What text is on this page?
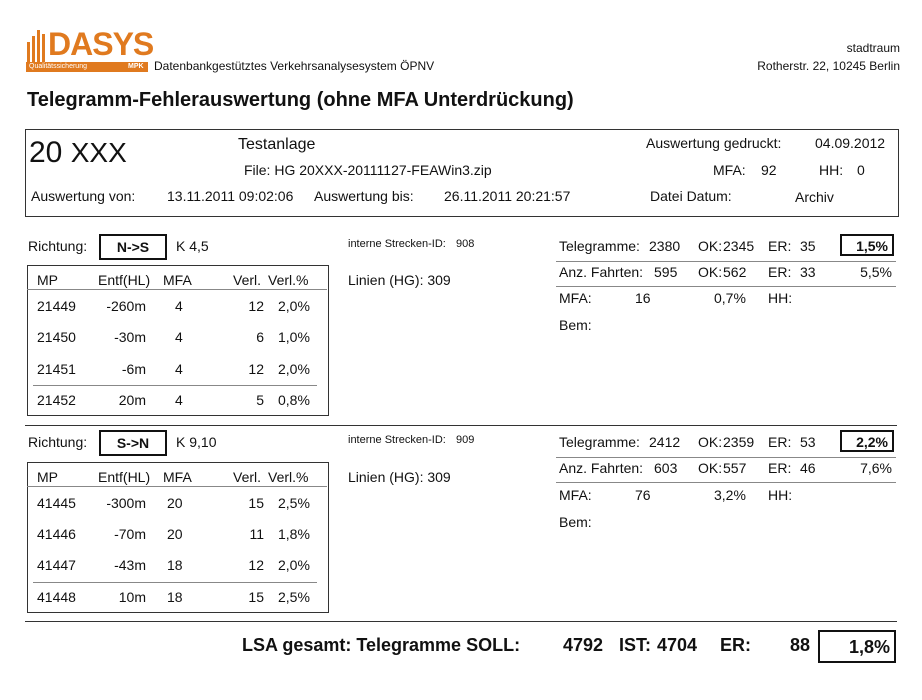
DASYS
Qualitätssicherung	MPK Datenbankgestütztes Verkehrsanalysesystem ÖPNV
stadtraum
Rotherstr. 22, 10245 Berlin
Telegramm-Fehlerauswertung (ohne MFA Unterdrückung)
20 XXX	Testanlage	Auswertung gedruckt: 04.09.2012
File: HG 20XXX-20111127-FEAWin3.zip	MFA: 92	HH: 0
Auswertung von: 13.11.2011 09:02:06 Auswertung bis: 26.11.2011 20:21:57	Datei Datum:	Archiv
Richtung:	N->S	K 4,5	interne Strecken-ID: 908
Linien (HG): 309
MP	Entf(HL) MFA	Verl. Verl.%
21449	-260m 4	12 2,0%
21450	-30m 4	6 1,0%
21451	-6m 4	12 2,0%
21452	20m 4	5 0,8%
Telegramme: 2380 OK: 2345 ER: 35	1,5%
Anz. Fahrten: 595 OK: 562 ER: 33	5,5%
MFA:	16	0,7% HH:
Bem:
Richtung:	S->N	K 9,10	interne Strecken-ID: 909
Linien (HG): 309
MP	Entf(HL) MFA	Verl. Verl.%
41445	-300m 20	15 2,5%
41446	-70m 20	11 1,8%
41447	-43m 18	12 2,0%
41448	10m 18	15 2,5%
Telegramme: 2412 OK: 2359 ER: 53	2,2%
Anz. Fahrten: 603 OK: 557 ER: 46	7,6%
MFA:	76	3,2% HH:
Bem:
LSA gesamt: Telegramme SOLL: 4792 IST: 4704 ER: 88	1,8%
